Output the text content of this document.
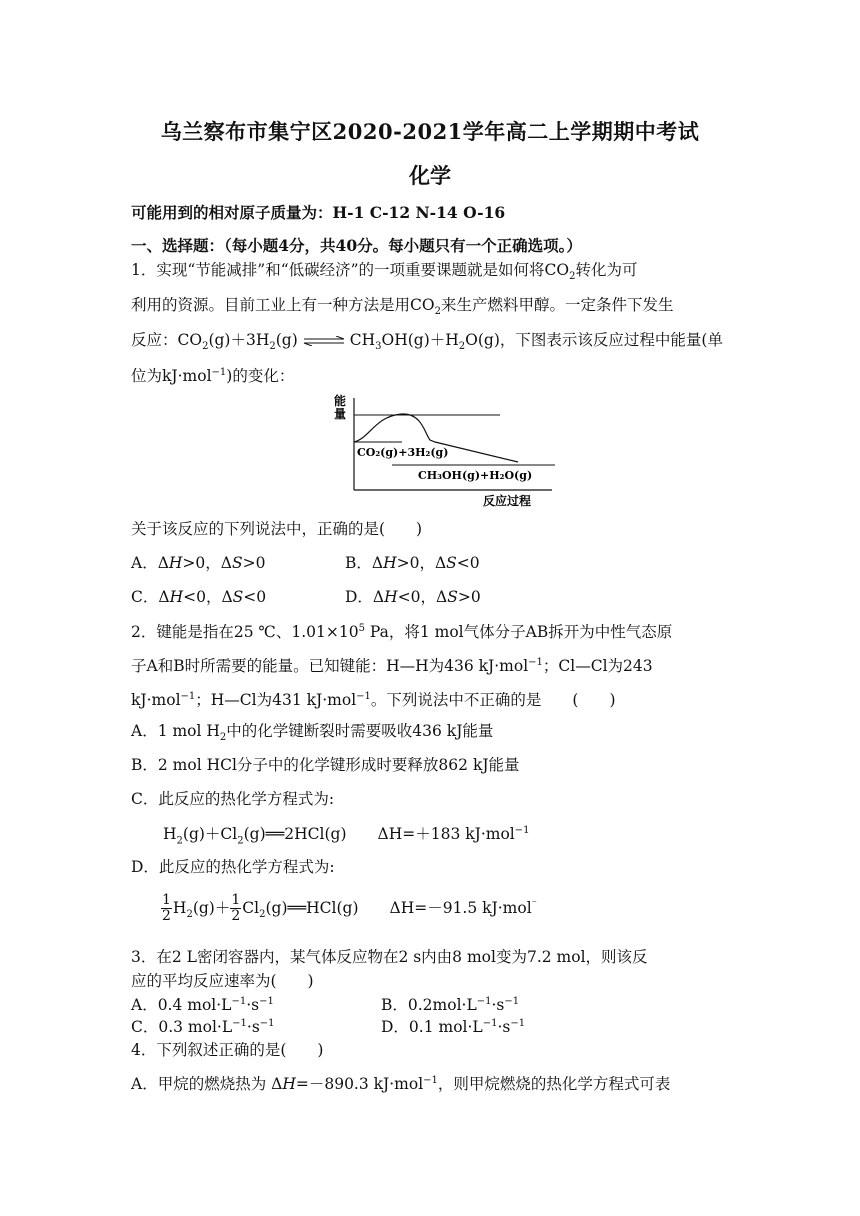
乌兰察布市集宁区2020-2021学年高二上学期期中考试
化学
可能用到的相对原子质量为：H-1 C-12 N-14 O-16
一、选择题：（每小题4分，共40分。每小题只有一个正确选项。）
1．实现“节能减排”和“低碳经济”的一项重要课题就是如何将$CO_2$转化为可
利用的资源。目前工业上有一种方法是用$CO_2$来生产燃料甲醇。一定条件下发生
反应：$CO_2(g)+3H_2(g)$ ⇌ $CH_3OH(g)+H_2O(g)$，下图表示该反应过程中能量(单
位为kJ·mol$^{-1}$)的变化：
能
量
CO₂(g)+3H₂(g)
CH₃OH(g)+H₂O(g)
反应过程
关于该反应的下列说法中，正确的是(　　)
A．ΔH>0，ΔS>0	B．ΔH>0，ΔS<0
C．ΔH<0，ΔS<0	D．ΔH<0，ΔS>0
2．键能是指在25 ℃、$1.01\times 10^5$ Pa，将1 mol气体分子AB拆开为中性气态原
子A和B时所需要的能量。已知键能：H—H为436 kJ·mol$^{-1}$；Cl—Cl为243
kJ·mol$^{-1}$；H—Cl为431 kJ·mol$^{-1}$。下列说法中不正确的是　　(　　)
A．1 mol $H_2$中的化学键断裂时需要吸收436 kJ能量
B．2 mol HCl分子中的化学键形成时要释放862 kJ能量
C．此反应的热化学方程式为:
$H_2(g)+Cl_2(g)══2HCl(g)$　　ΔH=＋183 kJ·mol$^{-1}$
D．此反应的热化学方程式为:
$\frac{1}{2} H_2(g)+ \frac{1}{2}$ $Cl_2(g)══HCl(g)$　　ΔH=－91.5 kJ·mol⁻
3．在2 L密闭容器内，某气体反应物在2 s内由8 mol变为7.2 mol，则该反
应的平均反应速率为(　　)
A．0.4 $mol\cdot L^{-1}\cdot s^{-1}$	B．$0.2mol\cdot L^{-1}\cdot s^{-1}$
C．0.3 $mol\cdot L^{-1}\cdot s^{-1}$	D．0.1 $mol\cdot L^{-1}\cdot s^{-1}$
4．下列叙述正确的是(　　)
A．甲烷的燃烧热为 ΔH=－890.3 kJ·mol$^{-1}$，则甲烷燃烧的热化学方程式可表
